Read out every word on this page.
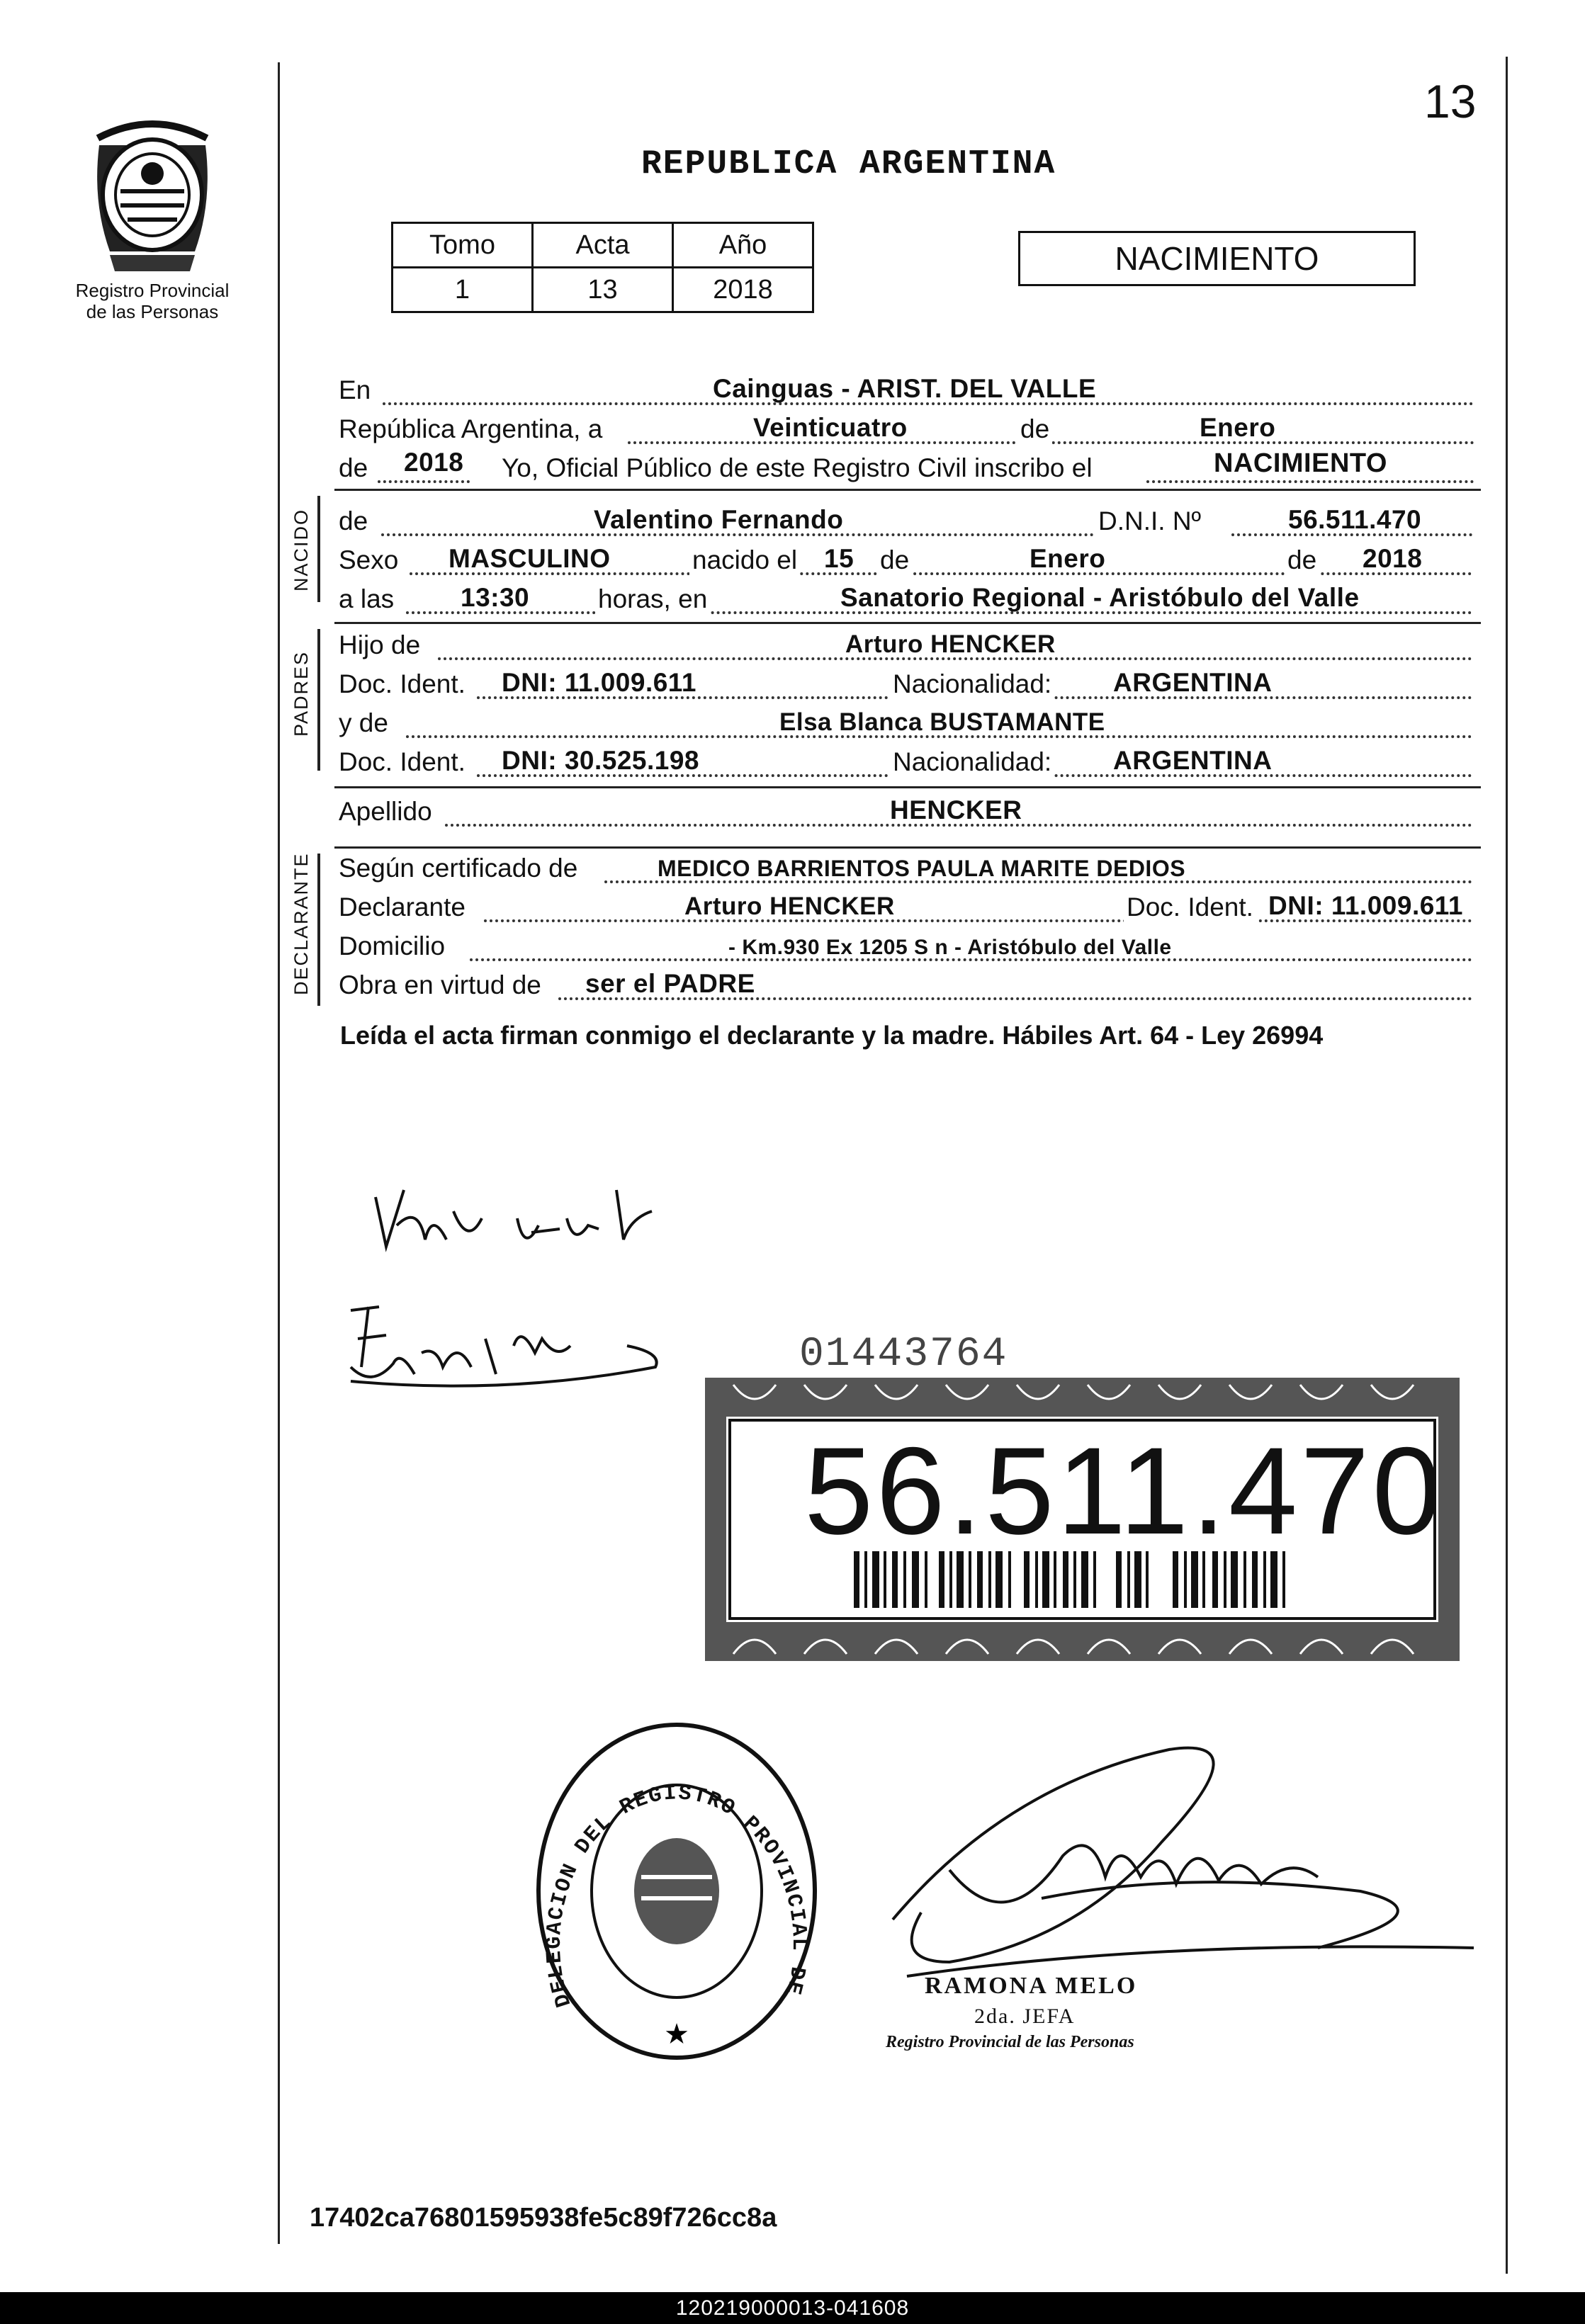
13
REPUBLICA ARGENTINA
Registro Provincial
de las Personas
Tomo	Acta	Año
1	13	2018
NACIMIENTO
En	Cainguas - ARIST. DEL VALLE
República Argentina, a	Veinticuatro	de	Enero
de 2018 Yo, Oficial Público de este Registro Civil inscribo el	NACIMIENTO
NACIDO de	Valentino Fernando	D.N.I. Nº	56.511.470
Sexo MASCULINO	nacido el 15 de	Enero	de 2018
a las	13:30	horas, en	Sanatorio Regional - Aristóbulo del Valle
PADRES
Hijo de	Arturo HENCKER
Doc. Ident. DNI: 11.009.611	Nacionalidad: ARGENTINA
y de	Elsa Blanca BUSTAMANTE
Doc. Ident. DNI: 30.525.198	Nacionalidad: ARGENTINA
Apellido	HENCKER
DECLARANTE Según certificado de	MEDICO BARRIENTOS PAULA MARITE DEDIOS
Declarante	Arturo HENCKER	Doc. Ident. DNI: 11.009.611
Domicilio	- Km.930 Ex 1205 S n - Aristóbulo del Valle
Obra en virtud de ser el PADRE
Leída el acta firman conmigo el declarante y la madre. Hábiles Art. 64 - Ley 26994
01443764
56.511.470
★
DELEGACION DEL REGISTRO PROVINCIAL DE	RAMONA MELO
2da. JEFA
Registro Provincial de las Personas
17402ca76801595938fe5c89f726cc8a
120219000013-041608
